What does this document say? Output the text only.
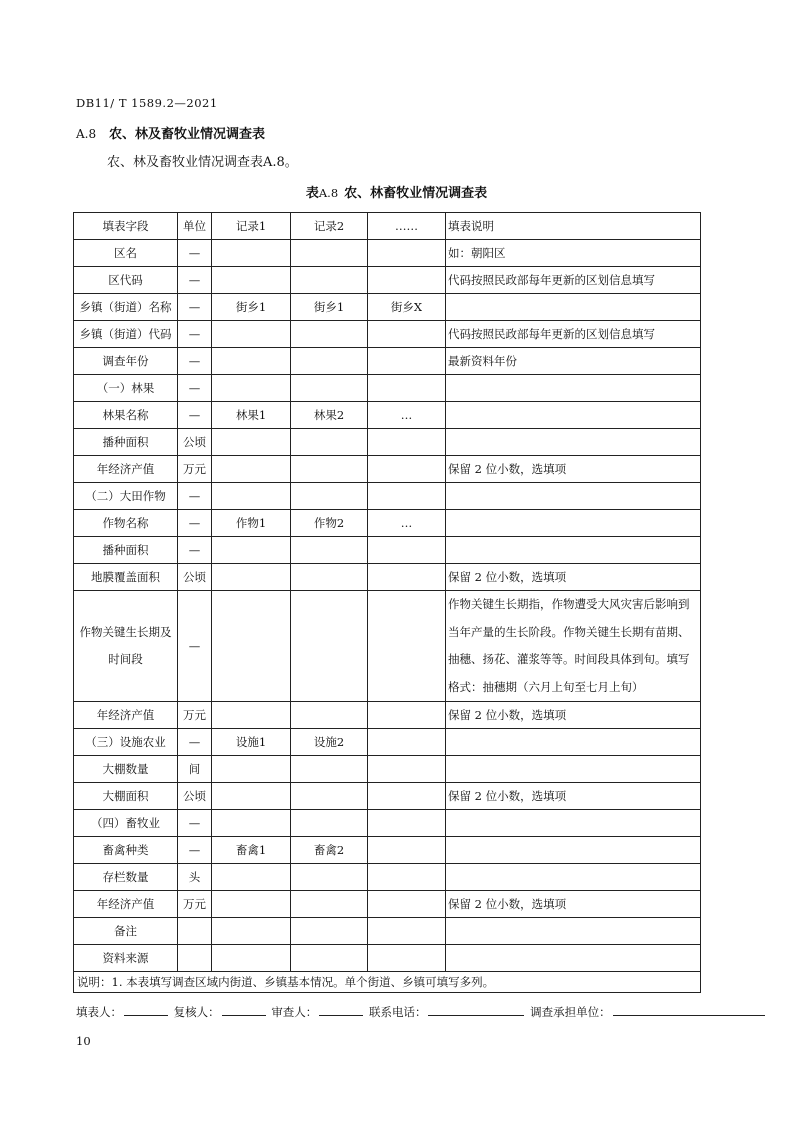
DB11/ T 1589.2—2021
A.8 农、林及畜牧业情况调查表
农、林及畜牧业情况调查表A.8。
表A.8 农、林畜牧业情况调查表
填表字段	单位	记录1	记录2	……	填表说明
区名	—				如：朝阳区
区代码	—				代码按照民政部每年更新的区划信息填写
乡镇（街道）名称	—	街乡1	街乡1	街乡X	
乡镇（街道）代码	—				代码按照民政部每年更新的区划信息填写
调查年份	—				最新资料年份
（一）林果	—				
林果名称	—	林果1	林果2	…	
播种面积	公顷				
年经济产值	万元				保留 2 位小数，选填项
（二）大田作物	—				
作物名称	—	作物1	作物2	…	
播种面积	—				
地膜覆盖面积	公顷				保留 2 位小数，选填项
作物关键生长期及时间段	—				作物关键生长期指，作物遭受大风灾害后影响到当年产量的生长阶段。作物关键生长期有苗期、抽穗、扬花、灌浆等等。时间段具体到旬。填写格式：抽穗期（六月上旬至七月上旬）
年经济产值	万元				保留 2 位小数，选填项
（三）设施农业	—	设施1	设施2		
大棚数量	间				
大棚面积	公顷				保留 2 位小数，选填项
（四）畜牧业	—				
畜禽种类	—	畜禽1	畜禽2		
存栏数量	头				
年经济产值	万元				保留 2 位小数，选填项
备注					
资料来源					
说明：1. 本表填写调查区域内街道、乡镇基本情况。单个街道、乡镇可填写多列。					
填表人：	复核人：	审查人：	联系电话：	调查承担单位：
10
